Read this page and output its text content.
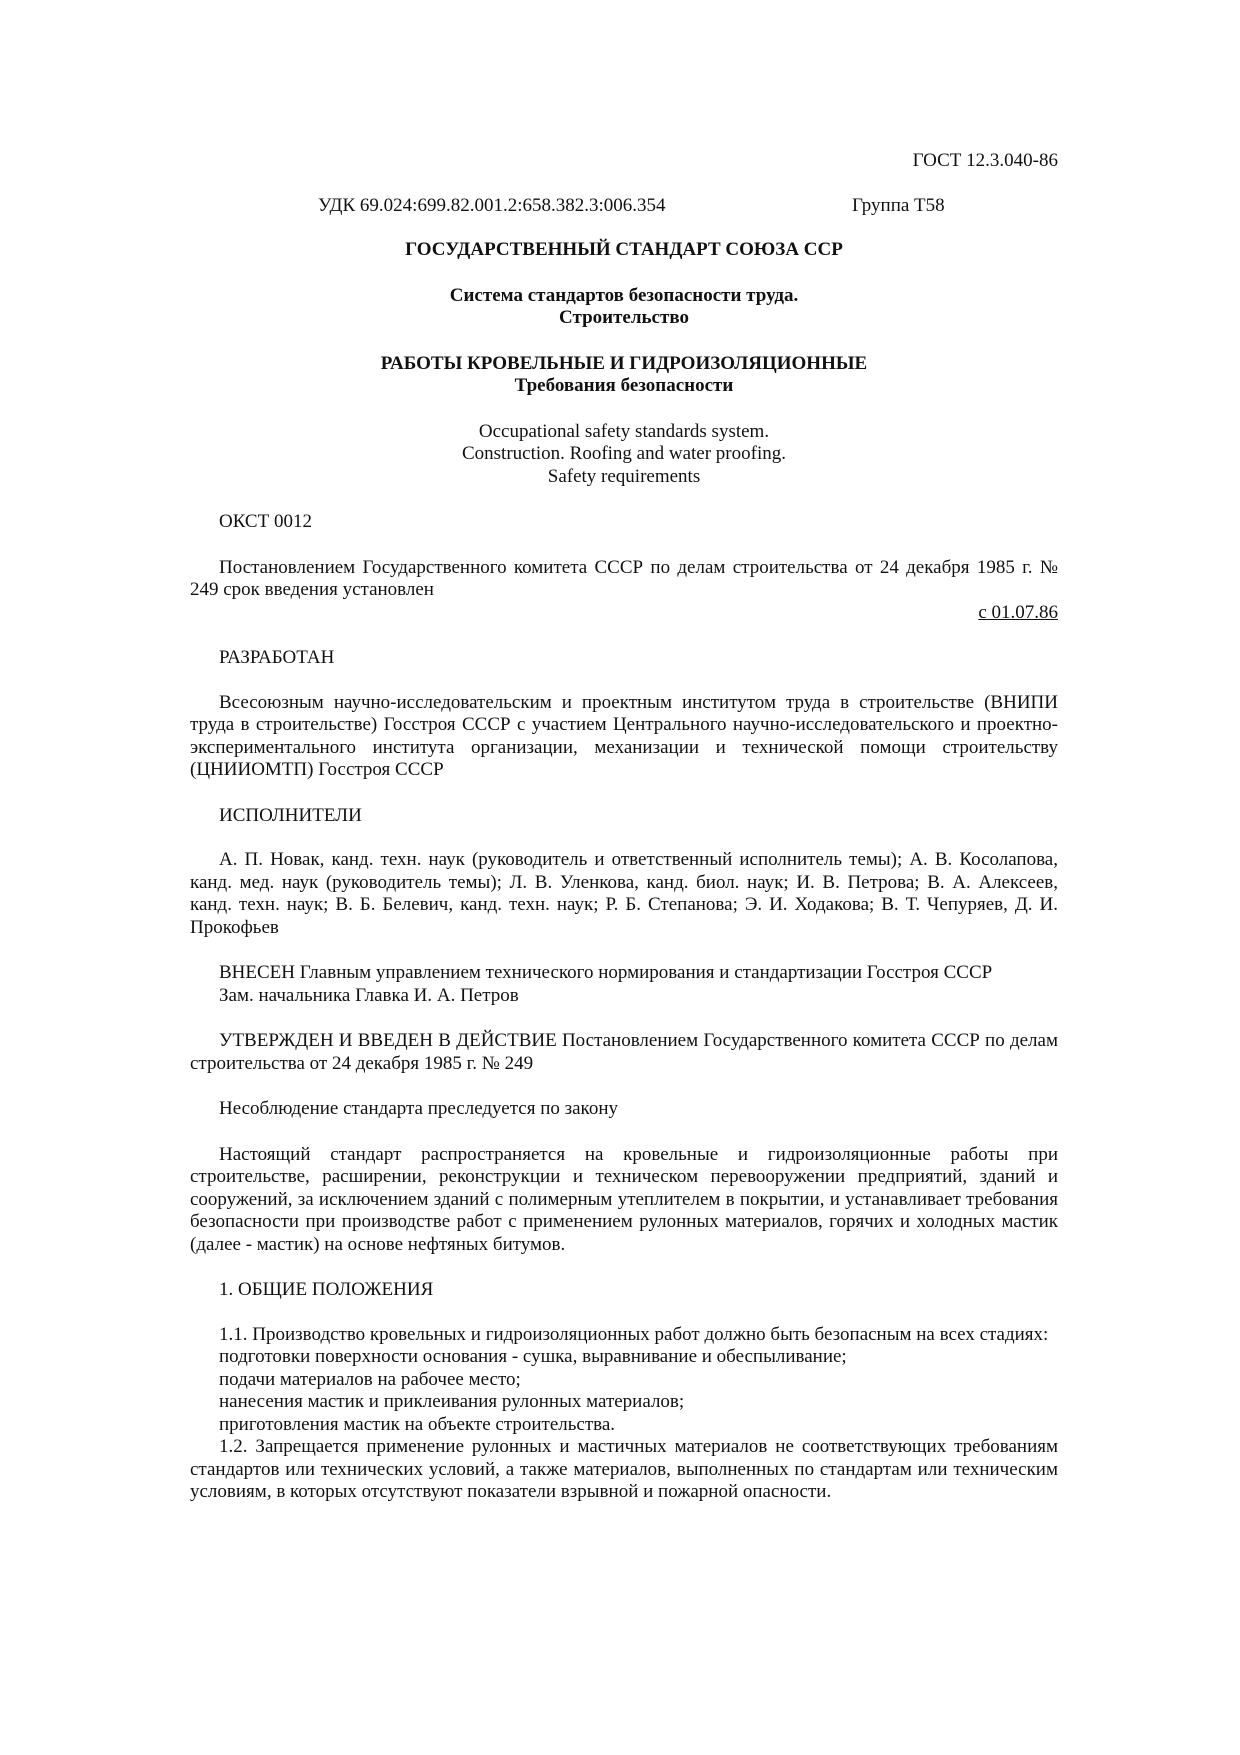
ГОСТ 12.3.040-86

УДК 69.024:699.82.001.2:658.382.3:006.354	Группа Т58

ГОСУДАРСТВЕННЫЙ СТАНДАРТ СОЮЗА ССР

Система стандартов безопасности труда.

Строительство

РАБОТЫ КРОВЕЛЬНЫЕ И ГИДРОИЗОЛЯЦИОННЫЕ

Требования безопасности

Occupational safety standards system.

Construction. Roofing and water proofing.

Safety requirements

ОКСТ 0012

Постановлением Государственного комитета СССР по делам строительства от 24 декабря 1985 г. № 249 срок введения установлен

с 01.07.86

РАЗРАБОТАН

Всесоюзным научно-исследовательским и проектным институтом труда в строительстве (ВНИПИ труда в строительстве) Госстроя СССР с участием Центрального научно-исследовательского и проектно-экспериментального института организации, механизации и технической помощи строительству (ЦНИИОМТП) Госстроя СССР

ИСПОЛНИТЕЛИ

А. П. Новак, канд. техн. наук (руководитель и ответственный исполнитель темы); А. В. Косолапова, канд. мед. наук (руководитель темы); Л. В. Уленкова, канд. биол. наук; И. В. Петрова; В. А. Алексеев, канд. техн. наук; В. Б. Белевич, канд. техн. наук; Р. Б. Степанова; Э. И. Ходакова; В. Т. Чепуряев, Д. И. Прокофьев

ВНЕСЕН Главным управлением технического нормирования и стандартизации Госстроя СССР

Зам. начальника Главка И. А. Петров

УТВЕРЖДЕН И ВВЕДЕН В ДЕЙСТВИЕ Постановлением Государственного комитета СССР по делам строительства от 24 декабря 1985 г. № 249

Несоблюдение стандарта преследуется по закону

Настоящий стандарт распространяется на кровельные и гидроизоляционные работы при строительстве, расширении, реконструкции и техническом перевооружении предприятий, зданий и сооружений, за исключением зданий с полимерным утеплителем в покрытии, и устанавливает требования безопасности при производстве работ с применением рулонных материалов, горячих и холодных мастик (далее - мастик) на основе нефтяных битумов.

1. ОБЩИЕ ПОЛОЖЕНИЯ

1.1. Производство кровельных и гидроизоляционных работ должно быть безопасным на всех стадиях:

подготовки поверхности основания - сушка, выравнивание и обеспыливание;

подачи материалов на рабочее место;

нанесения мастик и приклеивания рулонных материалов;

приготовления мастик на объекте строительства.

1.2. Запрещается применение рулонных и мастичных материалов не соответствующих требованиям стандартов или технических условий, а также материалов, выполненных по стандартам или техническим условиям, в которых отсутствуют показатели взрывной и пожарной опасности.
